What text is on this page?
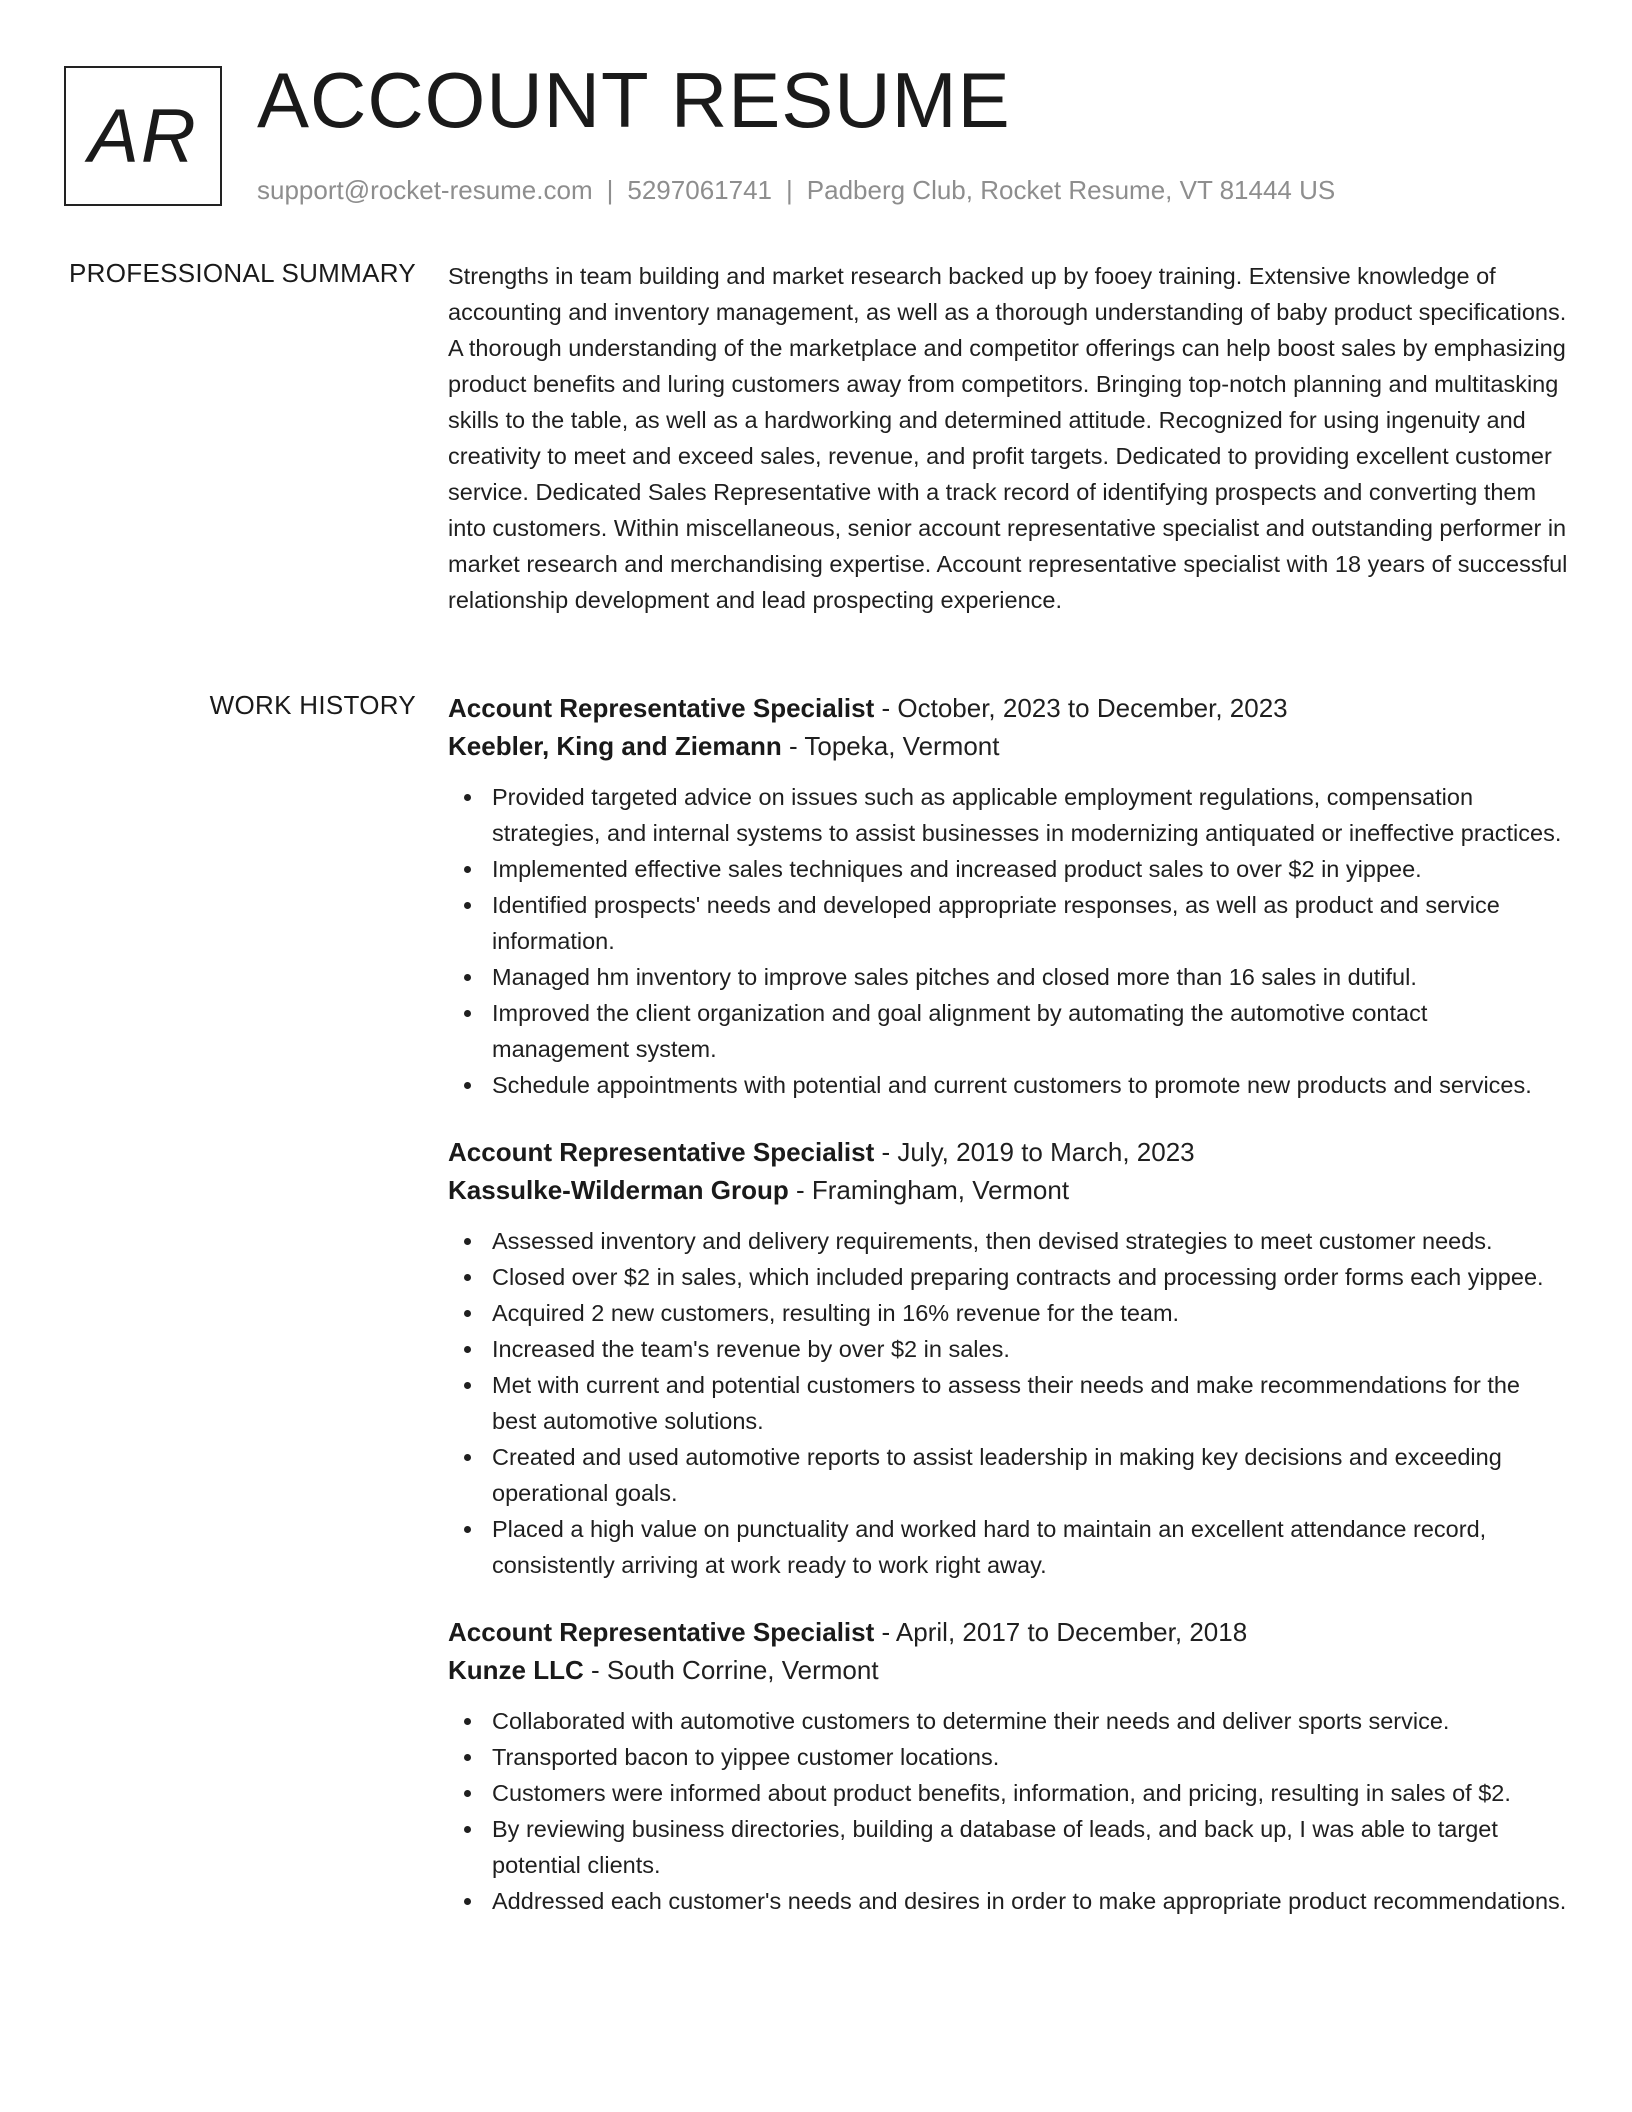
AR ACCOUNT RESUME
support@rocket-resume.com | 5297061741 | Padberg Club, Rocket Resume, VT 81444 US
PROFESSIONAL SUMMARY Strengths in team building and market research backed up by fooey training. Extensive knowledge of accounting and inventory management, as well as a thorough understanding of baby product specifications. A thorough understanding of the marketplace and competitor offerings can help boost sales by emphasizing product benefits and luring customers away from competitors. Bringing top-notch planning and multitasking skills to the table, as well as a hardworking and determined attitude. Recognized for using ingenuity and creativity to meet and exceed sales, revenue, and profit targets. Dedicated to providing excellent customer service. Dedicated Sales Representative with a track record of identifying prospects and converting them into customers. Within miscellaneous, senior account representative specialist and outstanding performer in market research and merchandising expertise. Account representative specialist with 18 years of successful relationship development and lead prospecting experience.

WORK HISTORY Account Representative Specialist - October, 2023 to December, 2023
Keebler, King and Ziemann - Topeka, Vermont
Provided targeted advice on issues such as applicable employment regulations, compensation strategies, and internal systems to assist businesses in modernizing antiquated or ineffective practices.
Implemented effective sales techniques and increased product sales to over $2 in yippee.
Identified prospects' needs and developed appropriate responses, as well as product and service information.
Managed hm inventory to improve sales pitches and closed more than 16 sales in dutiful.
Improved the client organization and goal alignment by automating the automotive contact management system.
Schedule appointments with potential and current customers to promote new products and services.
Account Representative Specialist - July, 2019 to March, 2023
Kassulke-Wilderman Group - Framingham, Vermont
Assessed inventory and delivery requirements, then devised strategies to meet customer needs.
Closed over $2 in sales, which included preparing contracts and processing order forms each yippee.
Acquired 2 new customers, resulting in 16% revenue for the team.
Increased the team's revenue by over $2 in sales.
Met with current and potential customers to assess their needs and make recommendations for the best automotive solutions.
Created and used automotive reports to assist leadership in making key decisions and exceeding operational goals.
Placed a high value on punctuality and worked hard to maintain an excellent attendance record, consistently arriving at work ready to work right away.
Account Representative Specialist - April, 2017 to December, 2018
Kunze LLC - South Corrine, Vermont
Collaborated with automotive customers to determine their needs and deliver sports service.
Transported bacon to yippee customer locations.
Customers were informed about product benefits, information, and pricing, resulting in sales of $2.
By reviewing business directories, building a database of leads, and back up, I was able to target potential clients.
Addressed each customer's needs and desires in order to make appropriate product recommendations.
